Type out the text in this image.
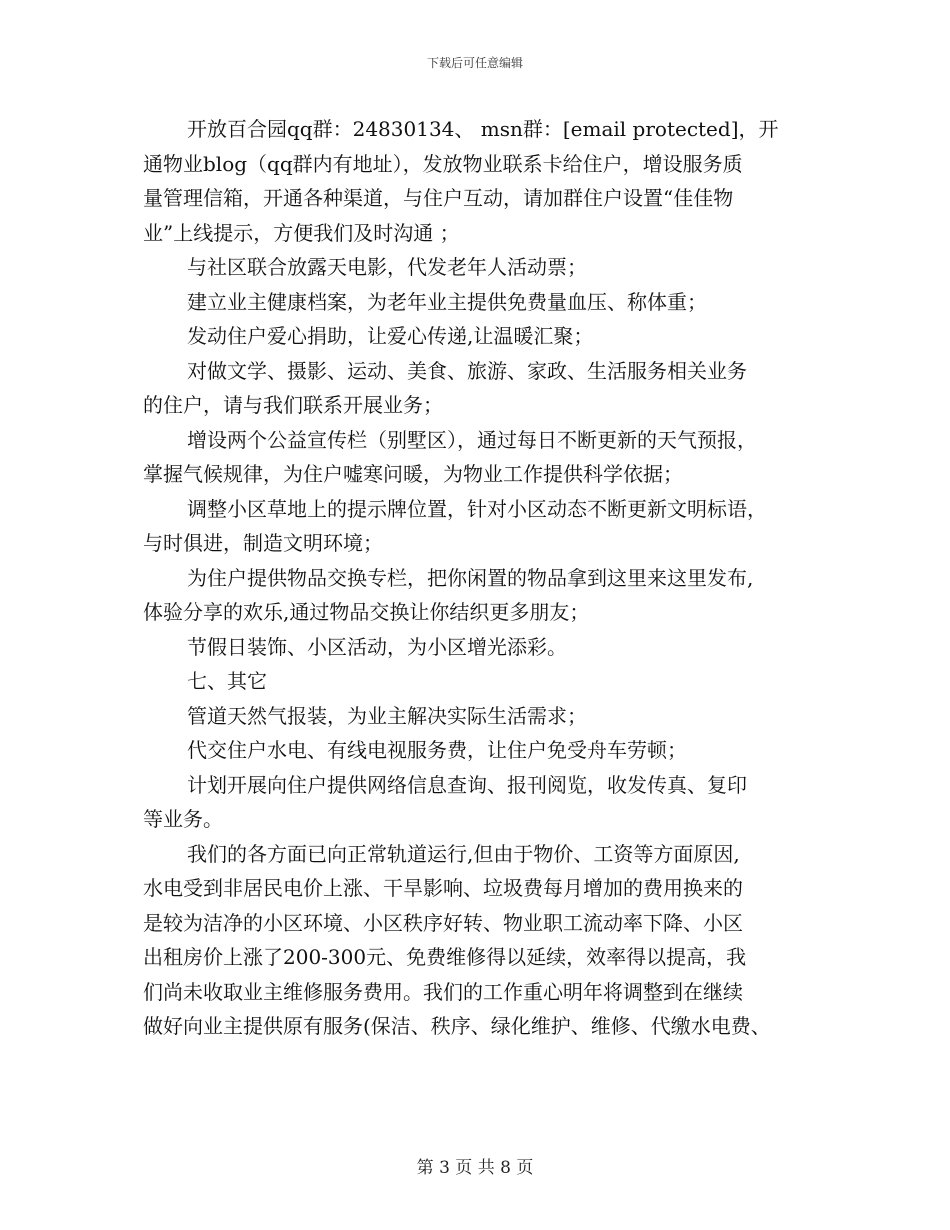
下载后可任意编辑
开放百合园qq群：24830134、 msn群：[email protected]，开
通物业blog（qq群内有地址），发放物业联系卡给住户，增设服务质
量管理信箱，开通各种渠道，与住户互动，请加群住户设置“佳佳物
业”上线提示，方便我们及时沟通 ；
与社区联合放露天电影，代发老年人活动票；
建立业主健康档案，为老年业主提供免费量血压、称体重；
发动住户爱心捐助，让爱心传递,让温暖汇聚；
对做文学、摄影、运动、美食、旅游、家政、生活服务相关业务
的住户，请与我们联系开展业务；
增设两个公益宣传栏（别墅区），通过每日不断更新的天气预报，
掌握气候规律，为住户嘘寒问暖，为物业工作提供科学依据；
调整小区草地上的提示牌位置，针对小区动态不断更新文明标语，
与时俱进，制造文明环境；
为住户提供物品交换专栏，把你闲置的物品拿到这里来这里发布,
体验分享的欢乐,通过物品交换让你结织更多朋友；
节假日装饰、小区活动，为小区增光添彩。
七、其它
管道天然气报装，为业主解决实际生活需求；
代交住户水电、有线电视服务费，让住户免受舟车劳顿；
计划开展向住户提供网络信息查询、报刊阅览，收发传真、复印
等业务。
我们的各方面已向正常轨道运行,但由于物价、工资等方面原因,
水电受到非居民电价上涨、干旱影响、垃圾费每月增加的费用换来的
是较为洁净的小区环境、小区秩序好转、物业职工流动率下降、小区
出租房价上涨了200-300元、免费维修得以延续，效率得以提高，我
们尚未收取业主维修服务费用。我们的工作重心明年将调整到在继续
做好向业主提供原有服务(保洁、秩序、绿化维护、维修、代缴水电费、
第 3 页 共 8 页
